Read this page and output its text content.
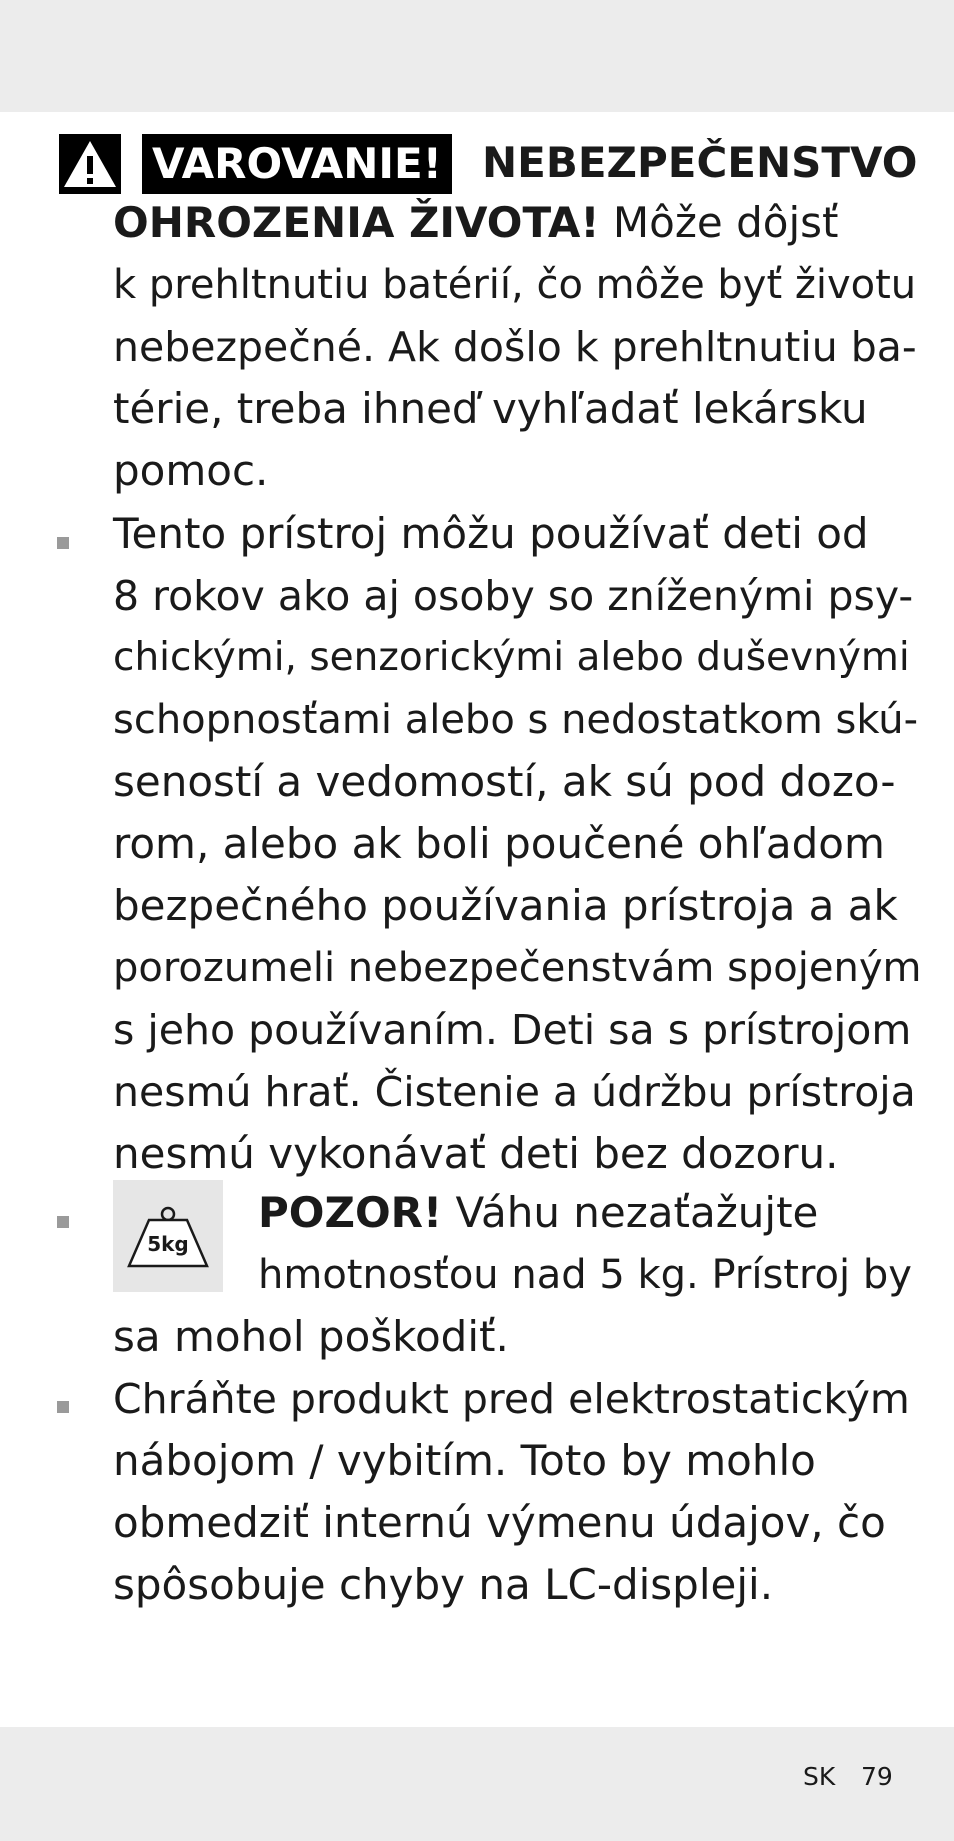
VAROVANIE! NEBEZPEČENSTVO
OHROZENIA ŽIVOTA! Môže dôjsť
k prehltnutiu batérií, čo môže byť životu
nebezpečné. Ak došlo k prehltnutiu ba-
térie, treba ihneď vyhľadať lekársku
pomoc.
Tento prístroj môžu používať deti od
8 rokov ako aj osoby so zníženými psy-
chickými, senzorickými alebo duševnými
schopnosťami alebo s nedostatkom skú-
seností a vedomostí, ak sú pod dozo-
rom, alebo ak boli poučené ohľadom
bezpečného používania prístroja a ak
porozumeli nebezpečenstvám spojeným
s jeho používaním. Deti sa s prístrojom
nesmú hrať. Čistenie a údržbu prístroja
nesmú vykonávať deti bez dozoru.
5kg
POZOR! Váhu nezaťažujte
hmotnosťou nad 5 kg. Prístroj by
sa mohol poškodiť.
Chráňte produkt pred elektrostatickým
nábojom / vybitím. Toto by mohlo
obmedziť internú výmenu údajov, čo
spôsobuje chyby na LC-displeji.
SK 79
